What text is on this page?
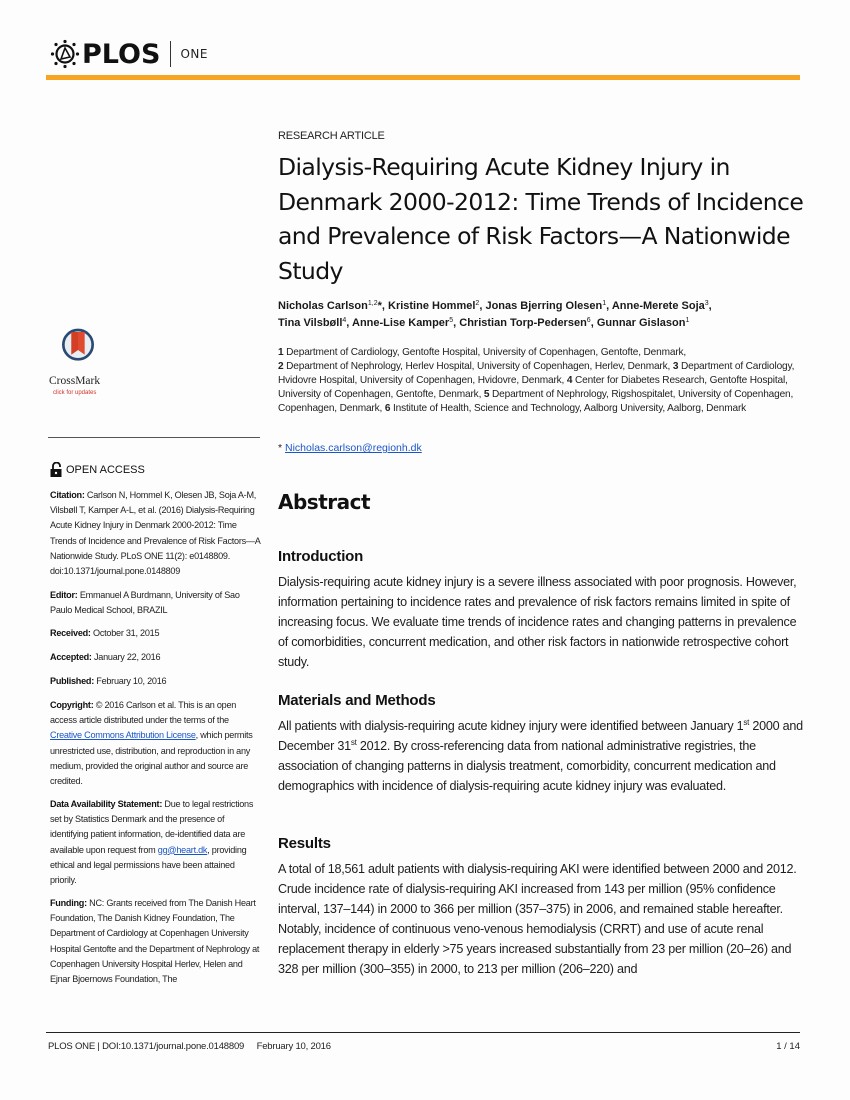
PLOS ONE
RESEARCH ARTICLE
Dialysis-Requiring Acute Kidney Injury in Denmark 2000-2012: Time Trends of Incidence and Prevalence of Risk Factors—A Nationwide Study
Nicholas Carlson$^{1,2}$*, Kristine Hommel$^2$, Jonas Bjerring Olesen$^1$, Anne-Merete Soja$^3$,
Tina Vilsbøll$^4$, Anne-Lise Kamper$^5$, Christian Torp-Pedersen$^6$, Gunnar Gislason$^1$
1 Department of Cardiology, Gentofte Hospital, University of Copenhagen, Gentofte, Denmark,
2 Department of Nephrology, Herlev Hospital, University of Copenhagen, Herlev, Denmark, 3 Department of Cardiology, Hvidovre Hospital, University of Copenhagen, Hvidovre, Denmark, 4 Center for Diabetes Research, Gentofte Hospital, University of Copenhagen, Gentofte, Denmark, 5 Department of Nephrology, Rigshospitalet, University of Copenhagen, Copenhagen, Denmark, 6 Institute of Health, Science and Technology, Aalborg University, Aalborg, Denmark
* Nicholas.carlson@regionh.dk
Abstract
Introduction

Dialysis-requiring acute kidney injury is a severe illness associated with poor prognosis. However, information pertaining to incidence rates and prevalence of risk factors remains limited in spite of increasing focus. We evaluate time trends of incidence rates and changing patterns in prevalence of comorbidities, concurrent medication, and other risk factors in nationwide retrospective cohort study.

Materials and Methods

All patients with dialysis-requiring acute kidney injury were identified between January 1st 2000 and December 31st 2012. By cross-referencing data from national administrative registries, the association of changing patterns in dialysis treatment, comorbidity, concurrent medication and demographics with incidence of dialysis-requiring acute kidney injury was evaluated.

Results

A total of 18,561 adult patients with dialysis-requiring AKI were identified between 2000 and 2012. Crude incidence rate of dialysis-requiring AKI increased from 143 per million (95% confidence interval, 137–144) in 2000 to 366 per million (357–375) in 2006, and remained stable hereafter. Notably, incidence of continuous veno-venous hemodialysis (CRRT) and use of acute renal replacement therapy in elderly >75 years increased substantially from 23 per million (20–26) and 328 per million (300–355) in 2000, to 213 per million (206–220) and

CrossMark
click for updates
OPEN ACCESS
Citation: Carlson N, Hommel K, Olesen JB, Soja A-M, Vilsbøll T, Kamper A-L, et al. (2016) Dialysis-Requiring Acute Kidney Injury in Denmark 2000-2012: Time Trends of Incidence and Prevalence of Risk Factors—A Nationwide Study. PLoS ONE 11(2): e0148809. doi:10.1371/journal.pone.0148809
Editor: Emmanuel A Burdmann, University of Sao Paulo Medical School, BRAZIL
Received: October 31, 2015
Accepted: January 22, 2016
Published: February 10, 2016
Copyright: © 2016 Carlson et al. This is an open access article distributed under the terms of the Creative Commons Attribution License, which permits unrestricted use, distribution, and reproduction in any medium, provided the original author and source are credited.
Data Availability Statement: Due to legal restrictions set by Statistics Denmark and the presence of identifying patient information, de-identified data are available upon request from gg@heart.dk, providing ethical and legal permissions have been attained priorily.
Funding: NC: Grants received from The Danish Heart Foundation, The Danish Kidney Foundation, The Department of Cardiology at Copenhagen University Hospital Gentofte and the Department of Nephrology at Copenhagen University Hospital Herlev, Helen and Ejnar Bjoernows Foundation, The
PLOS ONE | DOI:10.1371/journal.pone.0148809 February 10, 2016	1 / 14
